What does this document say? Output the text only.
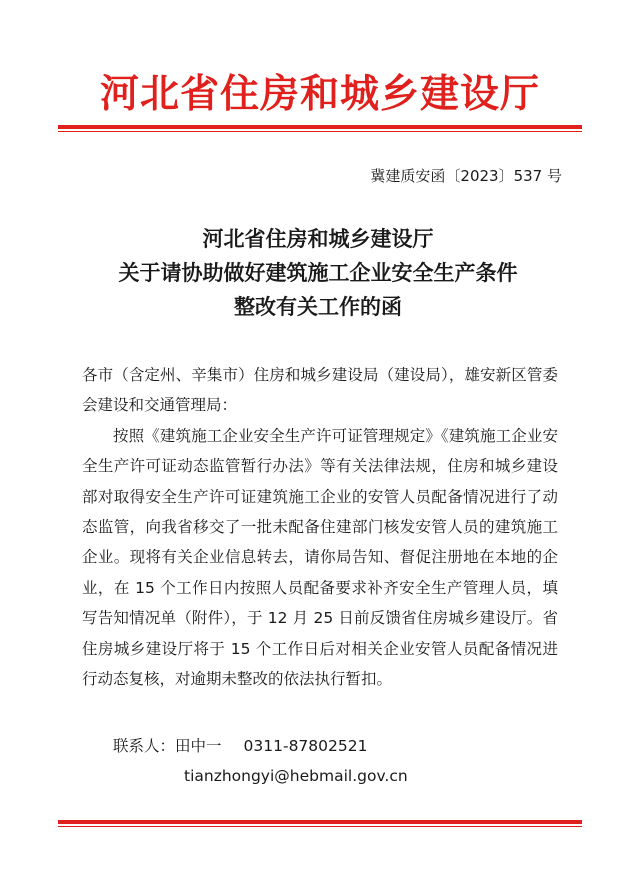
河北省住房和城乡建设厅
冀建质安函〔2023〕537 号
河北省住房和城乡建设厅
关于请协助做好建筑施工企业安全生产条件
整改有关工作的函

各市（含定州、辛集市）住房和城乡建设局（建设局），雄安新区管委会建设和交通管理局：

按照《建筑施工企业安全生产许可证管理规定》《建筑施工企业安全生产许可证动态监管暂行办法》等有关法律法规，住房和城乡建设部对取得安全生产许可证建筑施工企业的安管人员配备情况进行了动态监管，向我省移交了一批未配备住建部门核发安管人员的建筑施工企业。现将有关企业信息转去，请你局告知、督促注册地在本地的企业，在 15 个工作日内按照人员配备要求补齐安全生产管理人员，填写告知情况单（附件），于 12 月 25 日前反馈省住房城乡建设厅。省住房城乡建设厅将于 15 个工作日后对相关企业安管人员配备情况进行动态复核，对逾期未整改的依法执行暂扣。

联系人：田中一 0311-87802521
tianzhongyi@hebmail.gov.cn
